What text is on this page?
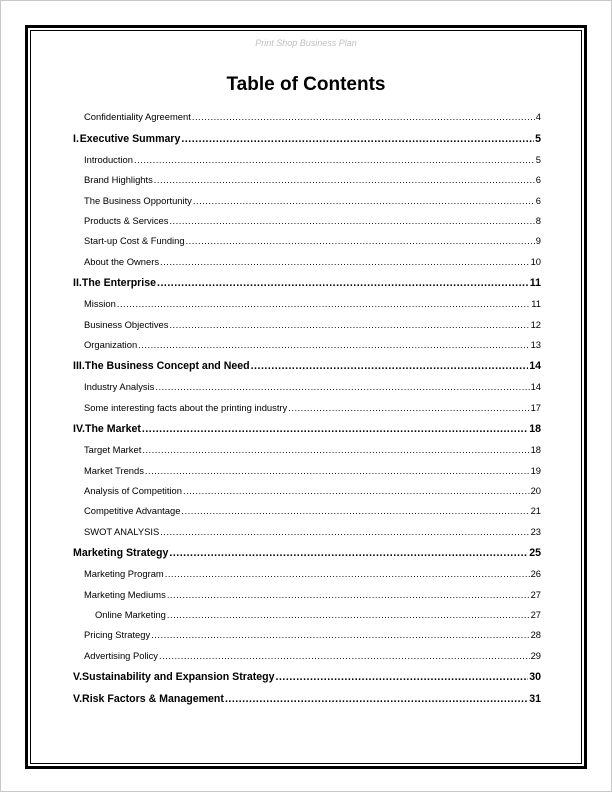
Print Shop Business Plan
Table of Contents
Confidentiality Agreement .....	4
I. Executive Summary .....	5
Introduction .....	5
Brand Highlights .....	6
The Business Opportunity .....	6
Products & Services .....	8
Start-up Cost & Funding .....	9
About the Owners .....	10
II. The Enterprise .....	11
Mission .....	11
Business Objectives .....	12
Organization .....	13
III. The Business Concept and Need .....	14
Industry Analysis .....	14
Some interesting facts about the printing industry .....	17
IV. The Market .....	18
Target Market .....	18
Market Trends .....	19
Analysis of Competition .....	20
Competitive Advantage .....	21
SWOT ANALYSIS .....	23
Marketing Strategy .....	25
Marketing Program .....	26
Marketing Mediums .....	27
Online Marketing .....	27
Pricing Strategy .....	28
Advertising Policy .....	29
V. Sustainability and Expansion Strategy .....	30
V. Risk Factors & Management .....	31
